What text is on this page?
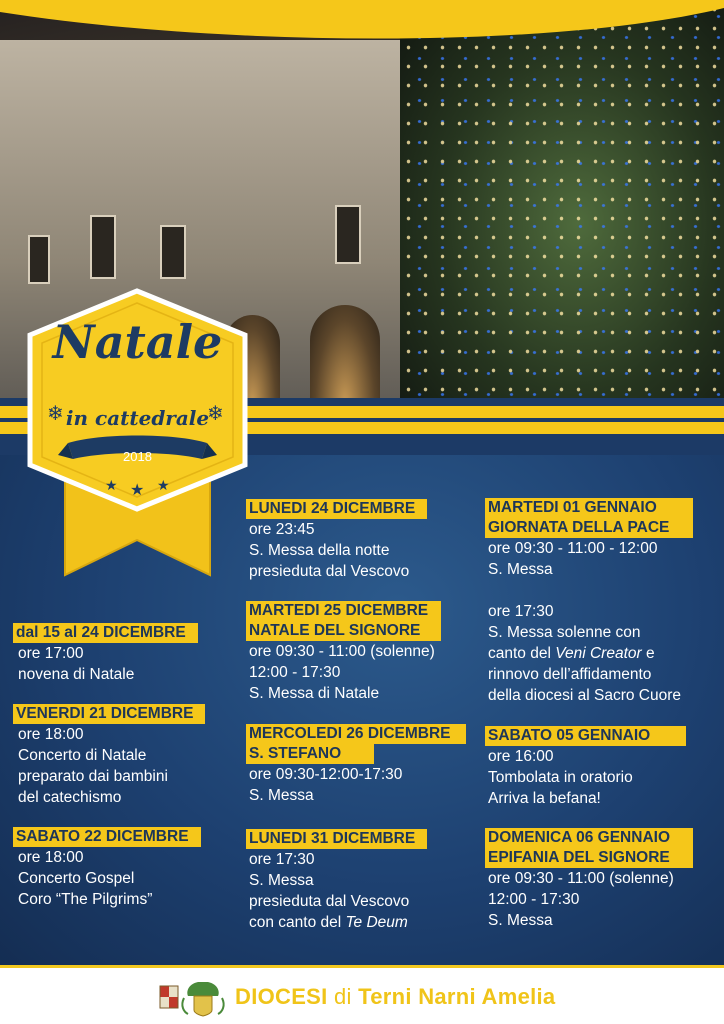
❄	❄
★ ★ ★
Natale
in cattedrale
2018
dal 15 al 24 DICEMBRE
ore 17:00
novena di Natale
VENERDI 21 DICEMBRE
ore 18:00
Concerto di Natale
preparato dai bambini
del catechismo
SABATO 22 DICEMBRE
ore 18:00
Concerto Gospel
Coro “The Pilgrims”
LUNEDI 24 DICEMBRE
ore 23:45
S. Messa della notte
presieduta dal Vescovo
MARTEDI 25 DICEMBRE
NATALE DEL SIGNORE
ore 09:30 - 11:00 (solenne)
12:00 - 17:30
S. Messa di Natale
MERCOLEDI 26 DICEMBRE
S. STEFANO
ore 09:30-12:00-17:30
S. Messa
LUNEDI 31 DICEMBRE
ore 17:30
S. Messa
presieduta dal Vescovo
con canto del Te Deum
MARTEDI 01 GENNAIO
GIORNATA DELLA PACE
ore 09:30 - 11:00 - 12:00
S. Messa
ore 17:30
S. Messa solenne con
canto del Veni Creator e
rinnovo dell’affidamento
della diocesi al Sacro Cuore
SABATO 05 GENNAIO
ore 16:00
Tombolata in oratorio
Arriva la befana!
DOMENICA 06 GENNAIO
EPIFANIA DEL SIGNORE
ore 09:30 - 11:00 (solenne)
12:00 - 17:30
S. Messa
DIOCESI di Terni Narni Amelia
